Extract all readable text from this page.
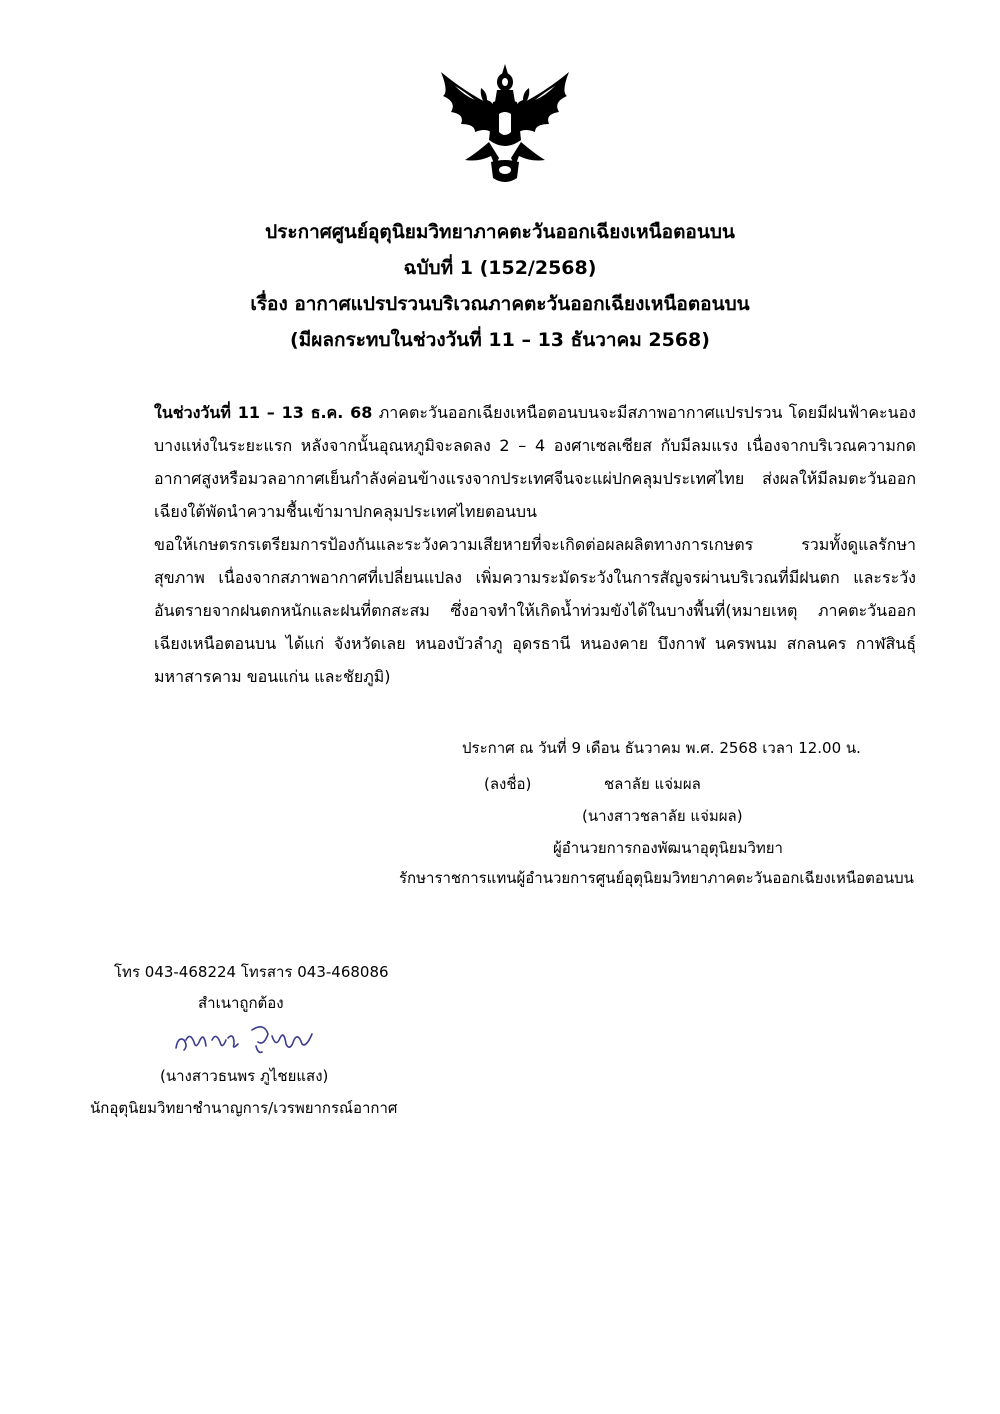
ประกาศศูนย์อุตุนิยมวิทยาภาคตะวันออกเฉียงเหนือตอนบน
ฉบับที่ 1 (152/2568)
เรื่อง อากาศแปรปรวนบริเวณภาคตะวันออกเฉียงเหนือตอนบน
(มีผลกระทบในช่วงวันที่ 11 – 13 ธันวาคม 2568)

ในช่วงวันที่ 11 – 13 ธ.ค. 68 ภาคตะวันออกเฉียงเหนือตอนบนจะมีสภาพอากาศแปรปรวน โดยมีฝนฟ้าคะนองบางแห่งในระยะแรก หลังจากนั้นอุณหภูมิจะลดลง 2 – 4 องศาเซลเซียส กับมีลมแรง เนื่องจากบริเวณความกดอากาศสูงหรือมวลอากาศเย็นกำลังค่อนข้างแรงจากประเทศจีนจะแผ่ปกคลุมประเทศไทย ส่งผลให้มีลมตะวันออกเฉียงใต้พัดนำความชื้นเข้ามาปกคลุมประเทศไทยตอนบน

ขอให้เกษตรกรเตรียมการป้องกันและระวังความเสียหายที่จะเกิดต่อผลผลิตทางการเกษตร รวมทั้งดูแลรักษาสุขภาพ เนื่องจากสภาพอากาศที่เปลี่ยนแปลง เพิ่มความระมัดระวังในการสัญจรผ่านบริเวณที่มีฝนตก และระวังอันตรายจากฝนตกหนักและฝนที่ตกสะสม ซึ่งอาจทำให้เกิดน้ำท่วมขังได้ในบางพื้นที่(หมายเหตุ ภาคตะวันออกเฉียงเหนือตอนบน ได้แก่ จังหวัดเลย หนองบัวลำภู อุดรธานี หนองคาย บึงกาฬ นครพนม สกลนคร กาฬสินธุ์ มหาสารคาม ขอนแก่น และชัยภูมิ)

ประกาศ ณ วันที่ 9 เดือน ธันวาคม พ.ศ. 2568 เวลา 12.00 น.
(ลงชื่อ)	ชลาลัย แจ่มผล
(นางสาวชลาลัย แจ่มผล)
ผู้อำนวยการกองพัฒนาอุตุนิยมวิทยา
รักษาราชการแทนผู้อำนวยการศูนย์อุตุนิยมวิทยาภาคตะวันออกเฉียงเหนือตอนบน
โทร 043-468224 โทรสาร 043-468086
สำเนาถูกต้อง
(นางสาวธนพร ภูไชยแสง)
นักอุตุนิยมวิทยาชำนาญการ/เวรพยากรณ์อากาศ
